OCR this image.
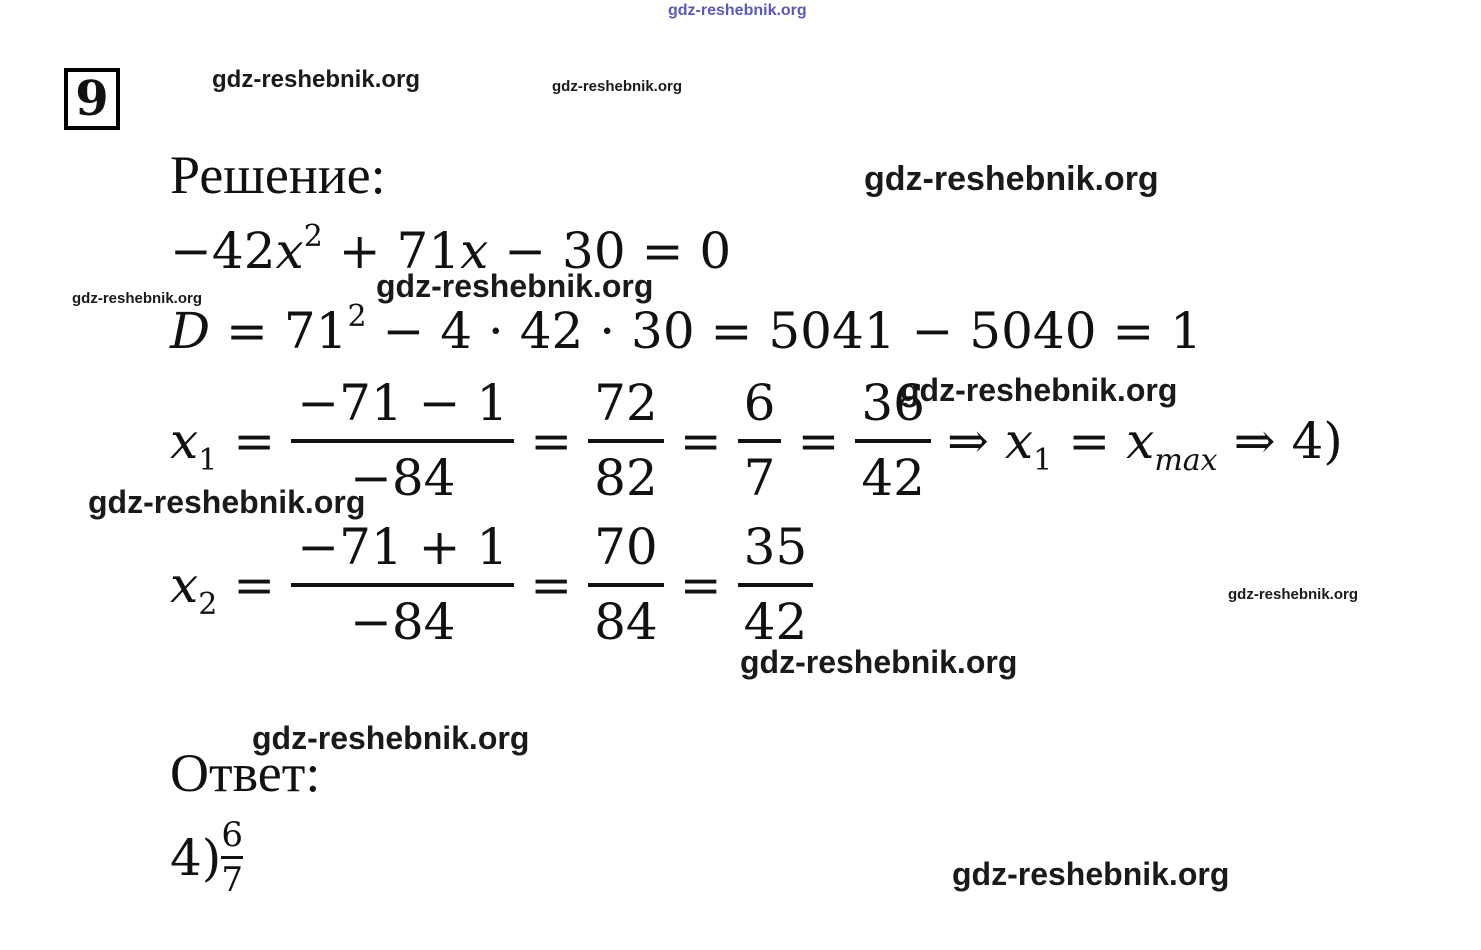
gdz-reshebnik.org
gdz-reshebnik.org	gdz-reshebnik.org
gdz-reshebnik.org
gdz-reshebnik.org	gdz-reshebnik.org
gdz-reshebnik.org
gdz-reshebnik.org
gdz-reshebnik.org
gdz-reshebnik.org
gdz-reshebnik.org
gdz-reshebnik.org
9
Решение:
$-42x^2 + 71x - 30 = 0$
$D = 71^2 - 4 \cdot 42 \cdot 30 = 5041 - 5040 = 1$
$x_1 = \frac{-71 - 1}{-84} = \frac{72}{82} = \frac{6}{7} = \frac{36}{42}$ ⇒ $x_1 = x_{max}$ ⇒ 4)
$x_2 = \frac{-71 + 1}{-84} = \frac{70}{84} = \frac{35}{42}$
Ответ:
$4) \frac{6}{7}$
